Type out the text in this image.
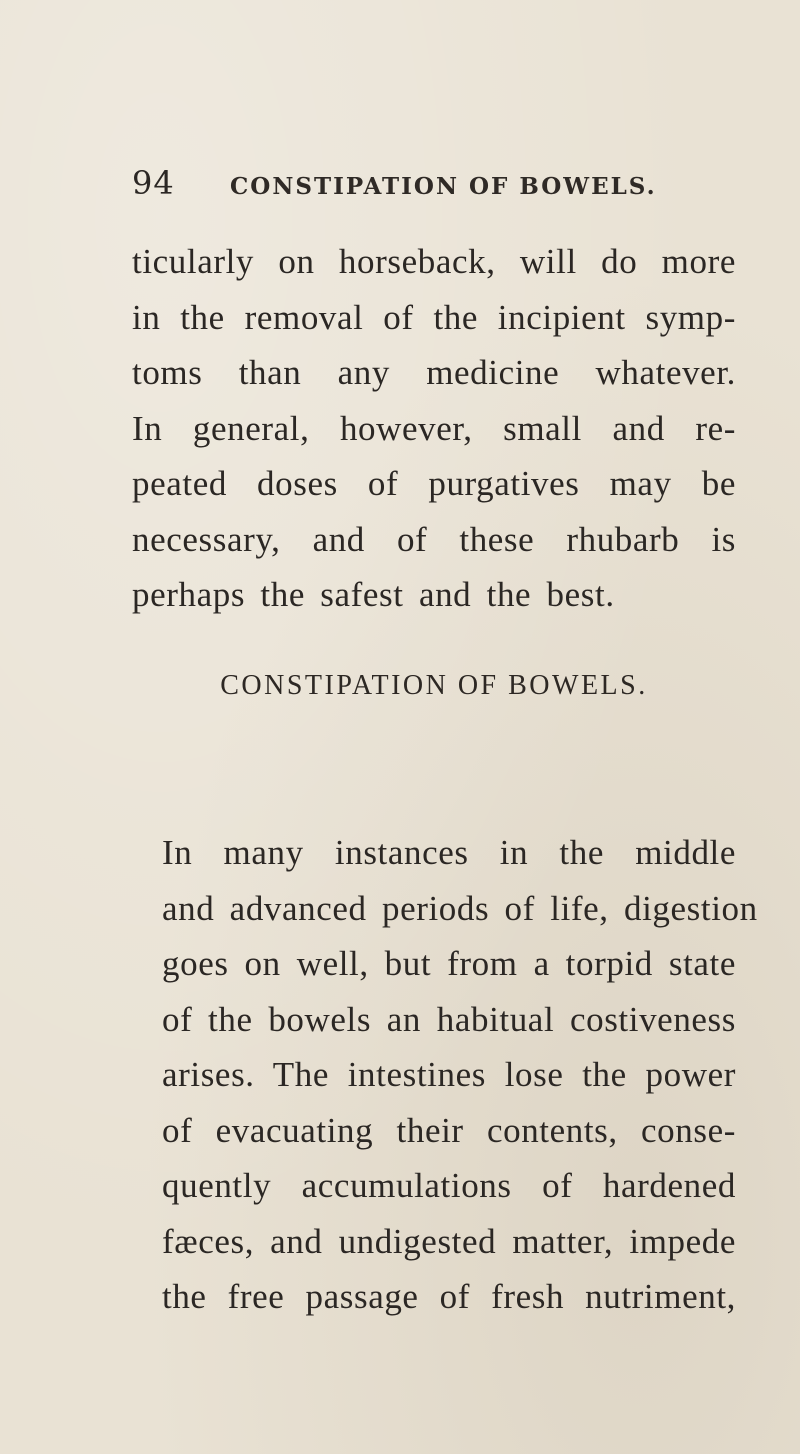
94	CONSTIPATION OF BOWELS.
ticularly on horseback, will do more
in the removal of the incipient symp-
toms than any medicine whatever.
In general, however, small and re-
peated doses of purgatives may be
necessary, and of these rhubarb is
perhaps the safest and the best.
CONSTIPATION OF BOWELS.
In many instances in the middle
and advanced periods of life, digestion
goes on well, but from a torpid state
of the bowels an habitual costiveness
arises. The intestines lose the power
of evacuating their contents, conse-
quently accumulations of hardened
fæces, and undigested matter, impede
the free passage of fresh nutriment,
